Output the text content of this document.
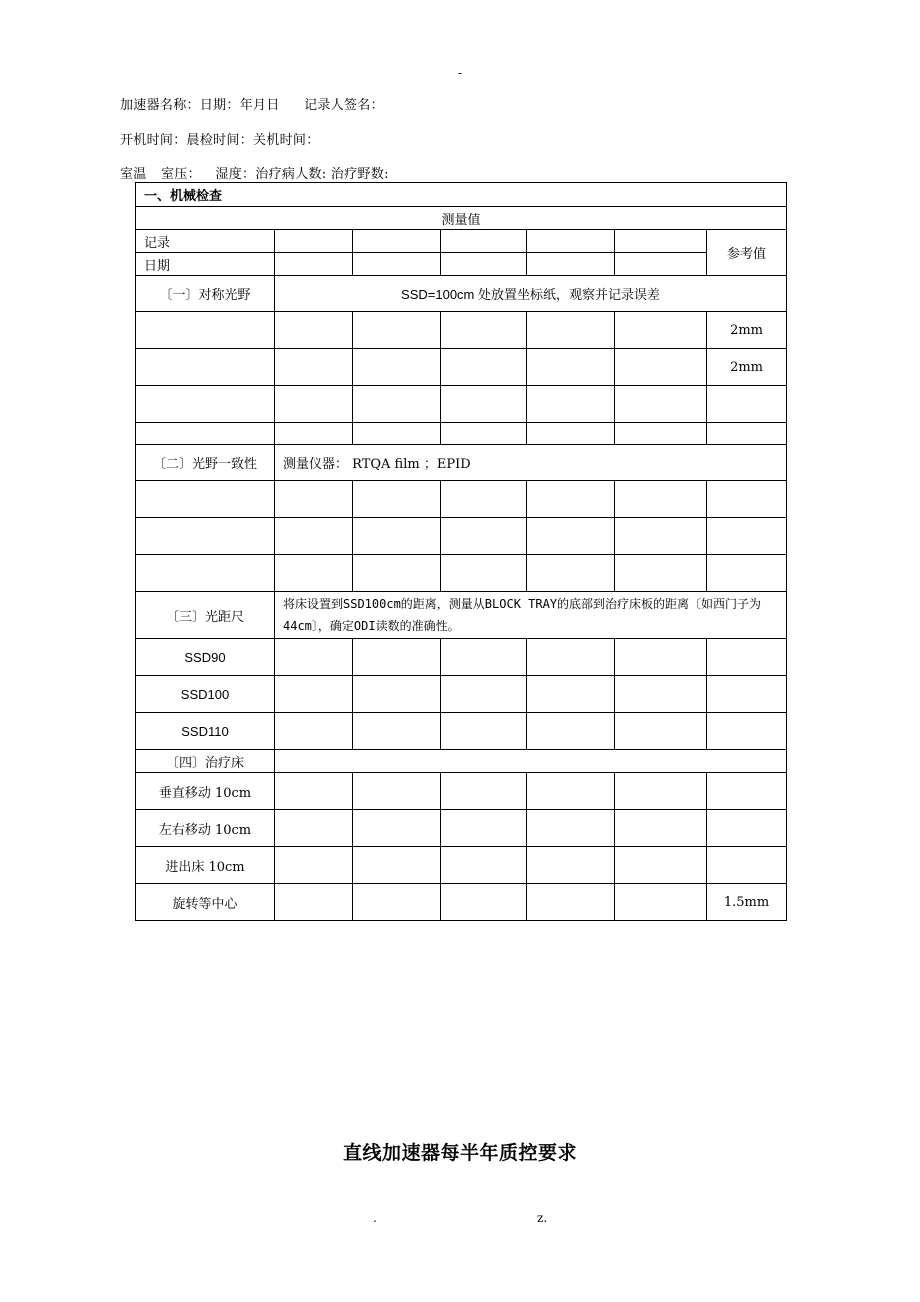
-
加速器名称：日期：年月日 记录人签名：
开机时间：晨检时间：关机时间：
室温 室压： 湿度：治疗病人数: 治疗野数:
一、机械检查						
测量值						
记录						参考值
日期						
〔一〕对称光野	SSD=100cm 处放置坐标纸，观察并记录误差					
						2mm
						2mm

〔二〕光野一致性	测量仪器： RTQA film ；EPID					

〔三〕光距尺	将床设置到SSD100cm的距离，测量从BLOCK TRAY的底部到治疗床板的距离〔如西门子为44cm〕，确定ODI读数的准确性。					
SSD90						
SSD100						
SSD110						
〔四〕治疗床						
垂直移动 10cm						
左右移动 10cm						
进出床 10cm						
旋转等中心						1.5mm
直线加速器每半年质控要求
.	z.
